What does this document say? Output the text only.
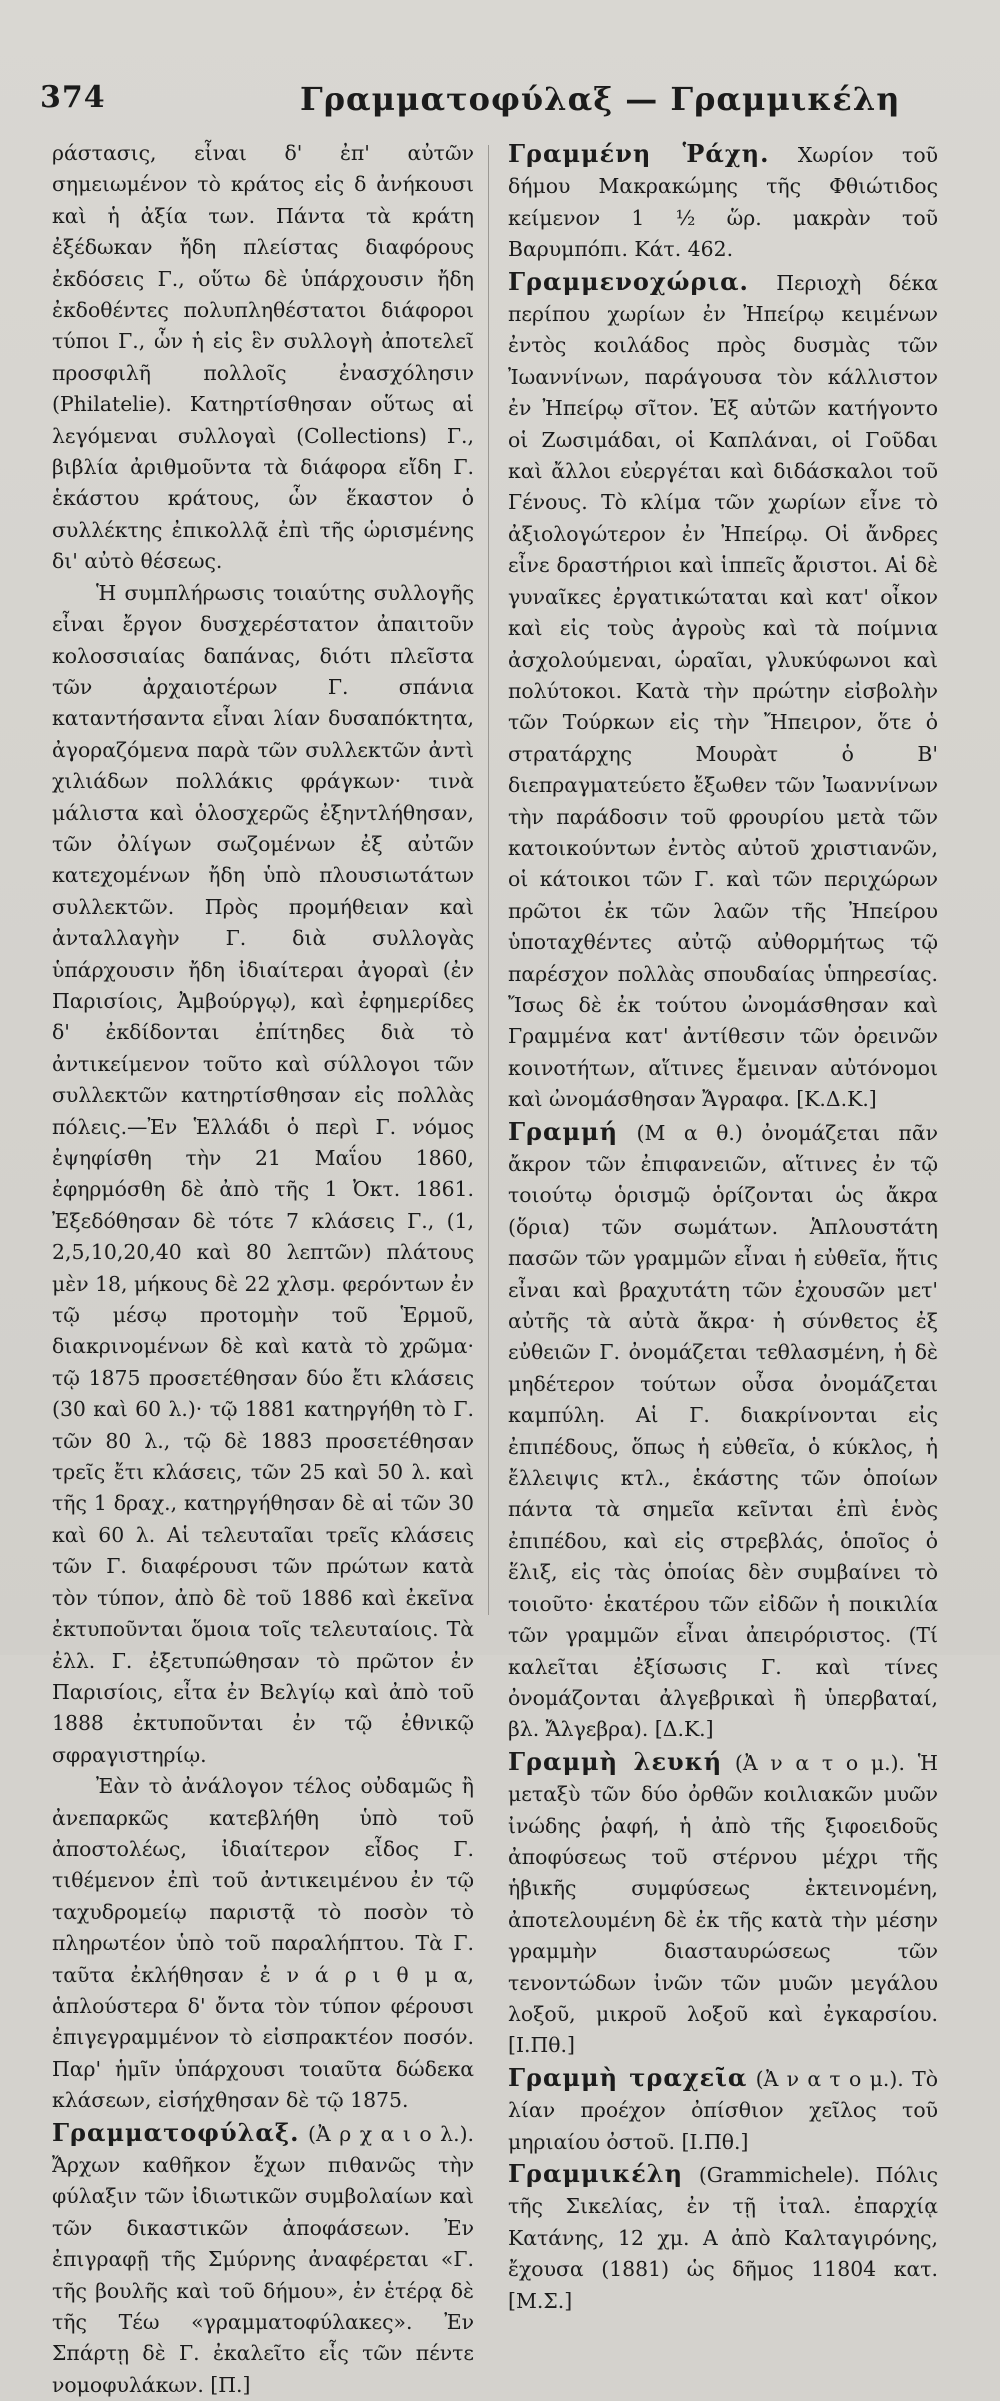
374	Γραμματοφύλαξ — Γραμμικέλη

ράστασις, εἶναι δ' ἐπ' αὐτῶν σημειωμένον τὸ κράτος εἰς δ ἀνήκουσι καὶ ἡ ἀξία των. Πάντα τὰ κράτη ἐξέδωκαν ἤδη πλείστας διαφόρους ἐκδόσεις Γ., οὕτω δὲ ὑπάρχουσιν ἤδη ἐκδοθέντες πολυπληθέστατοι διάφοροι τύποι Γ., ὧν ἡ εἰς ἓν συλλογὴ ἀποτελεῖ προσφιλῆ πολλοῖς ἐνασχόλησιν (Philatelie). Κατηρτίσθησαν οὕτως αἱ λεγόμεναι συλλογαὶ (Collections) Γ., βιβλία ἀριθμοῦντα τὰ διάφορα εἴδη Γ. ἑκάστου κράτους, ὧν ἕκαστον ὁ συλλέκτης ἐπικολλᾷ ἐπὶ τῆς ὡρισμένης δι' αὐτὸ θέσεως.

Ἡ συμπλήρωσις τοιαύτης συλλογῆς εἶναι ἔργον δυσχερέστατον ἀπαιτοῦν κολοσσιαίας δαπάνας, διότι πλεῖστα τῶν ἀρχαιοτέρων Γ. σπάνια καταντήσαντα εἶναι λίαν δυσαπόκτητα, ἀγοραζόμενα παρὰ τῶν συλλεκτῶν ἀντὶ χιλιάδων πολλάκις φράγκων· τινὰ μάλιστα καὶ ὁλοσχερῶς ἐξηντλήθησαν, τῶν ὀλίγων σωζομένων ἐξ αὐτῶν κατεχομένων ἤδη ὑπὸ πλουσιωτάτων συλλεκτῶν. Πρὸς προμήθειαν καὶ ἀνταλλαγὴν Γ. διὰ συλλογὰς ὑπάρχουσιν ἤδη ἰδιαίτεραι ἀγοραὶ (ἐν Παρισίοις, Ἀμβούργῳ), καὶ ἐφημερίδες δ' ἐκδίδονται ἐπίτηδες διὰ τὸ ἀντικείμενον τοῦτο καὶ σύλλογοι τῶν συλλεκτῶν κατηρτίσθησαν εἰς πολλὰς πόλεις.—Ἐν Ἑλλάδι ὁ περὶ Γ. νόμος ἐψηφίσθη τὴν 21 Μαΐου 1860, ἐφηρμόσθη δὲ ἀπὸ τῆς 1 Ὀκτ. 1861. Ἐξεδόθησαν δὲ τότε 7 κλάσεις Γ., (1, 2,5,10,20,40 καὶ 80 λεπτῶν) πλάτους μὲν 18, μήκους δὲ 22 χλσμ. φερόντων ἐν τῷ μέσῳ προτομὴν τοῦ Ἑρμοῦ, διακρινομένων δὲ καὶ κατὰ τὸ χρῶμα· τῷ 1875 προσετέθησαν δύο ἔτι κλάσεις (30 καὶ 60 λ.)· τῷ 1881 κατηργήθη τὸ Γ. τῶν 80 λ., τῷ δὲ 1883 προσετέθησαν τρεῖς ἔτι κλάσεις, τῶν 25 καὶ 50 λ. καὶ τῆς 1 δραχ., κατηργήθησαν δὲ αἱ τῶν 30 καὶ 60 λ. Αἱ τελευταῖαι τρεῖς κλάσεις τῶν Γ. διαφέρουσι τῶν πρώτων κατὰ τὸν τύπον, ἀπὸ δὲ τοῦ 1886 καὶ ἐκεῖνα ἐκτυποῦνται ὅμοια τοῖς τελευταίοις. Τὰ ἐλλ. Γ. ἐξετυπώθησαν τὸ πρῶτον ἐν Παρισίοις, εἶτα ἐν Βελγίῳ καὶ ἀπὸ τοῦ 1888 ἐκτυποῦνται ἐν τῷ ἐθνικῷ σφραγιστηρίῳ.

Ἐὰν τὸ ἀνάλογον τέλος οὐδαμῶς ἢ ἀνεπαρκῶς κατεβλήθη ὑπὸ τοῦ ἀποστολέως, ἰδιαίτερον εἶδος Γ. τιθέμενον ἐπὶ τοῦ ἀντικειμένου ἐν τῷ ταχυδρομείῳ παριστᾷ τὸ ποσὸν τὸ πληρωτέον ὑπὸ τοῦ παραλήπτου. Τὰ Γ. ταῦτα ἐκλήθησαν ἐ ν ά ρ ι θ μ α, ἁπλούστερα δ' ὄντα τὸν τύπον φέρουσι ἐπιγεγραμμένον τὸ εἰσπρακτέον ποσόν. Παρ' ἡμῖν ὑπάρχουσι τοιαῦτα δώδεκα κλάσεων, εἰσήχθησαν δὲ τῷ 1875.

Γραμματοφύλαξ. (Ἀ ρ χ α ι ο λ.). Ἄρχων καθῆκον ἔχων πιθανῶς τὴν φύλαξιν τῶν ἰδιωτικῶν συμβολαίων καὶ τῶν δικαστικῶν ἀποφάσεων. Ἐν ἐπιγραφῇ τῆς Σμύρνης ἀναφέρεται «Γ. τῆς βουλῆς καὶ τοῦ δήμου», ἐν ἑτέρᾳ δὲ τῆς Τέω «γραμματοφύλακες». Ἐν Σπάρτῃ δὲ Γ. ἐκαλεῖτο εἷς τῶν πέντε νομοφυλάκων. [Π.]

Γραμμένη Ῥάχη. Χωρίον τοῦ δήμου Μακρακώμης τῆς Φθιώτιδος κείμενον 1 ½ ὥρ. μακρὰν τοῦ Βαρυμπόπι. Κάτ. 462.

Γραμμενοχώρια. Περιοχὴ δέκα περίπου χωρίων ἐν Ἠπείρῳ κειμένων ἐντὸς κοιλάδος πρὸς δυσμὰς τῶν Ἰωαννίνων, παράγουσα τὸν κάλλιστον ἐν Ἠπείρῳ σῖτον. Ἐξ αὐτῶν κατήγοντο οἱ Ζωσιμάδαι, οἱ Καπλάναι, οἱ Γοῦδαι καὶ ἄλλοι εὐεργέται καὶ διδάσκαλοι τοῦ Γένους. Τὸ κλίμα τῶν χωρίων εἶνε τὸ ἀξιολογώτερον ἐν Ἠπείρῳ. Οἱ ἄνδρες εἶνε δραστήριοι καὶ ἱππεῖς ἄριστοι. Αἱ δὲ γυναῖκες ἐργατικώταται καὶ κατ' οἶκον καὶ εἰς τοὺς ἀγροὺς καὶ τὰ ποίμνια ἀσχολούμεναι, ὡραῖαι, γλυκύφωνοι καὶ πολύτοκοι. Κατὰ τὴν πρώτην εἰσβολὴν τῶν Τούρκων εἰς τὴν Ἤπειρον, ὅτε ὁ στρατάρχης Μουρὰτ ὁ Β' διεπραγματεύετο ἔξωθεν τῶν Ἰωαννίνων τὴν παράδοσιν τοῦ φρουρίου μετὰ τῶν κατοικούντων ἐντὸς αὐτοῦ χριστιανῶν, οἱ κάτοικοι τῶν Γ. καὶ τῶν περιχώρων πρῶτοι ἐκ τῶν λαῶν τῆς Ἠπείρου ὑποταχθέντες αὐτῷ αὐθορμήτως τῷ παρέσχον πολλὰς σπουδαίας ὑπηρεσίας. Ἴσως δὲ ἐκ τούτου ὠνομάσθησαν καὶ Γραμμένα κατ' ἀντίθεσιν τῶν ὀρεινῶν κοινοτήτων, αἵτινες ἔμειναν αὐτόνομοι καὶ ὠνομάσθησαν Ἄγραφα. [Κ.Δ.Κ.]

Γραμμή (Μ α θ.) ὀνομάζεται πᾶν ἄκρον τῶν ἐπιφανειῶν, αἵτινες ἐν τῷ τοιούτῳ ὁρισμῷ ὁρίζονται ὡς ἄκρα (ὅρια) τῶν σωμάτων. Ἁπλουστάτη πασῶν τῶν γραμμῶν εἶναι ἡ εὐθεῖα, ἥτις εἶναι καὶ βραχυτάτη τῶν ἐχουσῶν μετ' αὐτῆς τὰ αὐτὰ ἄκρα· ἡ σύνθετος ἐξ εὐθειῶν Γ. ὀνομάζεται τεθλασμένη, ἡ δὲ μηδέτερον τούτων οὖσα ὀνομάζεται καμπύλη. Αἱ Γ. διακρίνονται εἰς ἐπιπέδους, ὅπως ἡ εὐθεῖα, ὁ κύκλος, ἡ ἔλλειψις κτλ., ἑκάστης τῶν ὁποίων πάντα τὰ σημεῖα κεῖνται ἐπὶ ἑνὸς ἐπιπέδου, καὶ εἰς στρεβλάς, ὁποῖος ὁ ἕλιξ, εἰς τὰς ὁποίας δὲν συμβαίνει τὸ τοιοῦτο· ἑκατέρου τῶν εἰδῶν ἡ ποικιλία τῶν γραμμῶν εἶναι ἀπειρόριστος. (Τί καλεῖται ἐξίσωσις Γ. καὶ τίνες ὀνομάζονται ἀλγεβρικαὶ ἢ ὑπερβαταί, βλ. Ἄλγεβρα). [Δ.Κ.]

Γραμμὴ λευκή (Ἀ ν α τ ο μ.). Ἡ μεταξὺ τῶν δύο ὀρθῶν κοιλιακῶν μυῶν ἰνώδης ῥαφή, ἡ ἀπὸ τῆς ξιφοειδοῦς ἀποφύσεως τοῦ στέρνου μέχρι τῆς ἡβικῆς συμφύσεως ἐκτεινομένη, ἀποτελουμένη δὲ ἐκ τῆς κατὰ τὴν μέσην γραμμὴν διασταυρώσεως τῶν τενοντώδων ἰνῶν τῶν μυῶν μεγάλου λοξοῦ, μικροῦ λοξοῦ καὶ ἐγκαρσίου. [Ι.Πθ.]

Γραμμὴ τραχεῖα (Ἀ ν α τ ο μ.). Τὸ λίαν προέχον ὀπίσθιον χεῖλος τοῦ μηριαίου ὀστοῦ. [Ι.Πθ.]

Γραμμικέλη (Grammichele). Πόλις τῆς Σικελίας, ἐν τῇ ἰταλ. ἐπαρχίᾳ Κατάνης, 12 χμ. Α ἀπὸ Καλταγιρόνης, ἔχουσα (1881) ὡς δῆμος 11804 κατ. [Μ.Σ.]
